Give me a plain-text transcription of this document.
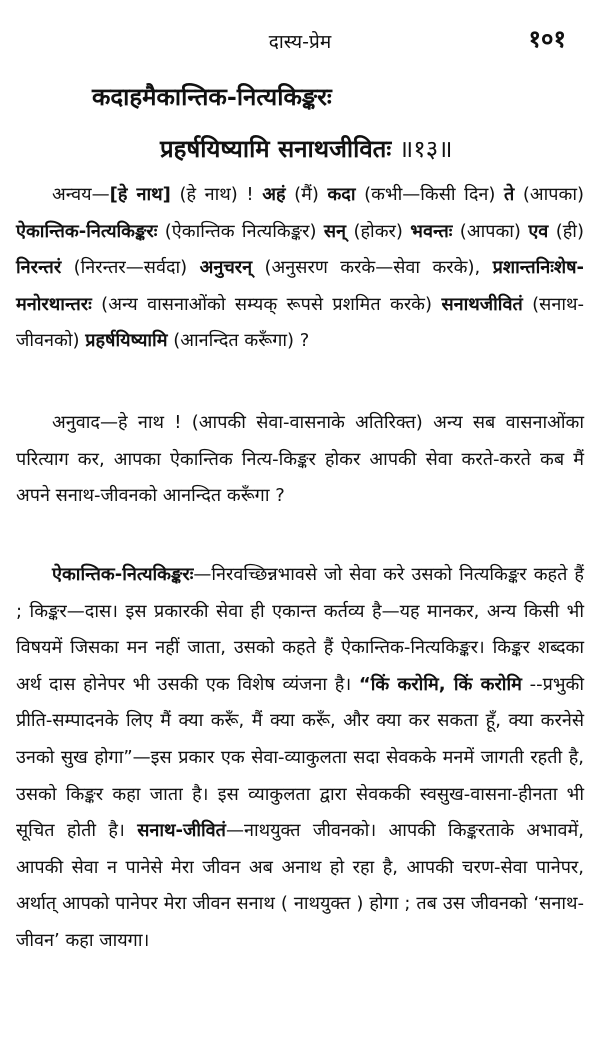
दास्य-प्रेम	१०१
कदाहमैकान्तिक-नित्यकिङ्करः
प्रहर्षयिष्यामि सनाथजीवितः ॥१३॥

अन्वय—[हे नाथ] (हे नाथ) ! अहं (मैं) कदा (कभी—किसी दिन) ते (आपका) ऐकान्तिक-नित्यकिङ्करः (ऐकान्तिक नित्यकिङ्कर) सन् (होकर) भवन्तः (आपका) एव (ही) निरन्तरं (निरन्तर—सर्वदा) अनुचरन् (अनुसरण करके—सेवा करके), प्रशान्तनिःशेष-मनोरथान्तरः (अन्य वासनाओंको सम्यक् रूपसे प्रशमित करके) सनाथजीवितं (सनाथ-जीवनको) प्रहर्षयिष्यामि (आनन्दित करूँगा) ?

अनुवाद—हे नाथ ! (आपकी सेवा-वासनाके अतिरिक्त) अन्य सब वासनाओंका परित्याग कर, आपका ऐकान्तिक नित्य-किङ्कर होकर आपकी सेवा करते-करते कब मैं अपने सनाथ-जीवनको आनन्दित करूँगा ?

ऐकान्तिक-नित्यकिङ्करः—निरवच्छिन्नभावसे जो सेवा करे उसको नित्यकिङ्कर कहते हैं ; किङ्कर—दास। इस प्रकारकी सेवा ही एकान्त कर्तव्य है—यह मानकर, अन्य किसी भी विषयमें जिसका मन नहीं जाता, उसको कहते हैं ऐकान्तिक-नित्यकिङ्कर। किङ्कर शब्दका अर्थ दास होनेपर भी उसकी एक विशेष व्यंजना है। “किं करोमि, किं करोमि --प्रभुकी प्रीति-सम्पादनके लिए मैं क्या करूँ, मैं क्या करूँ, और क्या कर सकता हूँ, क्या करनेसे उनको सुख होगा”—इस प्रकार एक सेवा-व्याकुलता सदा सेवकके मनमें जागती रहती है, उसको किङ्कर कहा जाता है। इस व्याकुलता द्वारा सेवककी स्वसुख-वासना-हीनता भी सूचित होती है। सनाथ-जीवितं—नाथयुक्त जीवनको। आपकी किङ्करताके अभावमें, आपकी सेवा न पानेसे मेरा जीवन अब अनाथ हो रहा है, आपकी चरण-सेवा पानेपर, अर्थात् आपको पानेपर मेरा जीवन सनाथ ( नाथयुक्त ) होगा ; तब उस जीवनको ‘सनाथ-जीवन’ कहा जायगा।
